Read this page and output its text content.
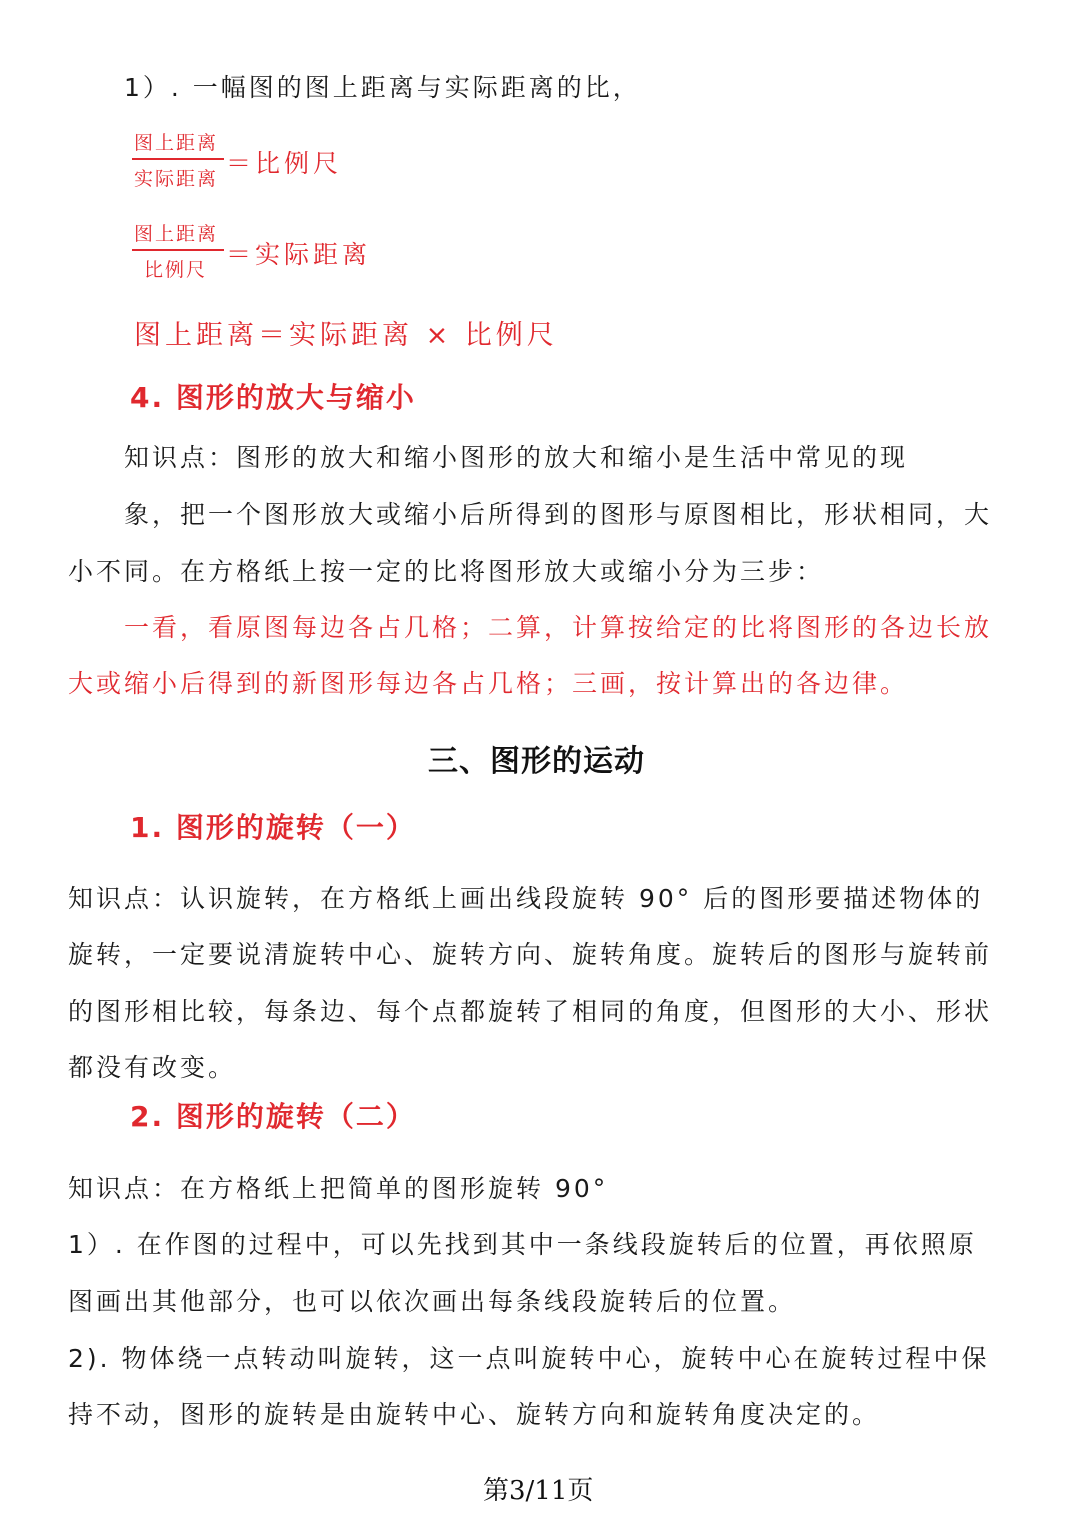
1）. 一幅图的图上距离与实际距离的比，
图上距离
实际距离
＝比例尺
图上距离
比例尺
＝实际距离
图上距离＝实际距离 × 比例尺
4. 图形的放大与缩小
知识点：图形的放大和缩小图形的放大和缩小是生活中常见的现
象，把一个图形放大或缩小后所得到的图形与原图相比，形状相同，大
小不同。在方格纸上按一定的比将图形放大或缩小分为三步：
一看，看原图每边各占几格；二算，计算按给定的比将图形的各边长放
大或缩小后得到的新图形每边各占几格；三画，按计算出的各边律。
三、图形的运动
1. 图形的旋转（一）
知识点：认识旋转，在方格纸上画出线段旋转 90° 后的图形要描述物体的
旋转，一定要说清旋转中心、旋转方向、旋转角度。旋转后的图形与旋转前
的图形相比较，每条边、每个点都旋转了相同的角度，但图形的大小、形状
都没有改变。
2. 图形的旋转（二）
知识点：在方格纸上把简单的图形旋转 90°
1）. 在作图的过程中，可以先找到其中一条线段旋转后的位置，再依照原
图画出其他部分，也可以依次画出每条线段旋转后的位置。
2). 物体绕一点转动叫旋转，这一点叫旋转中心，旋转中心在旋转过程中保
持不动，图形的旋转是由旋转中心、旋转方向和旋转角度决定的。
第3/11页
